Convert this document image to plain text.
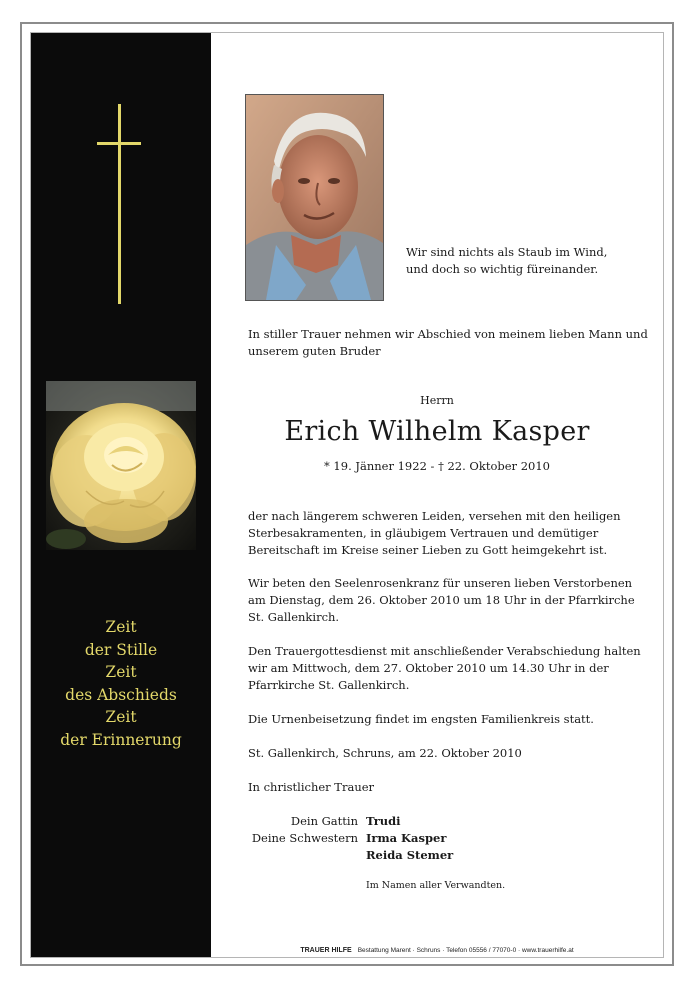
Zeit
der Stille
Zeit
des Abschieds
Zeit
der Erinnerung
Wir sind nichts als Staub im Wind,
und doch so wichtig füreinander.
In stiller Trauer nehmen wir Abschied von meinem lieben Mann und unserem guten Bruder
Herrn
Erich Wilhelm Kasper
* 19. Jänner 1922 - † 22. Oktober 2010
der nach längerem schweren Leiden, versehen mit den heiligen Sterbesakramenten, in gläubigem Vertrauen und demütiger Bereitschaft im Kreise seiner Lieben zu Gott heimgekehrt ist.
Wir beten den Seelenrosenkranz für unseren lieben Verstorbenen am Dienstag, dem 26. Oktober 2010 um 18 Uhr in der Pfarrkirche St. Gallenkirch.
Den Trauergottesdienst mit anschließender Verabschiedung halten wir am Mittwoch, dem 27. Oktober 2010 um 14.30 Uhr in der Pfarrkirche St. Gallenkirch.
Die Urnenbeisetzung findet im engsten Familienkreis statt.
St. Gallenkirch, Schruns, am 22. Oktober 2010
In christlicher Trauer
Dein Gattin Trudi
Deine Schwestern Irma Kasper
Reida Stemer
Im Namen aller Verwandten.
TRAUER HILFE Bestattung Marent · Schruns · Telefon 05556 / 77070-0 · www.trauerhilfe.at
